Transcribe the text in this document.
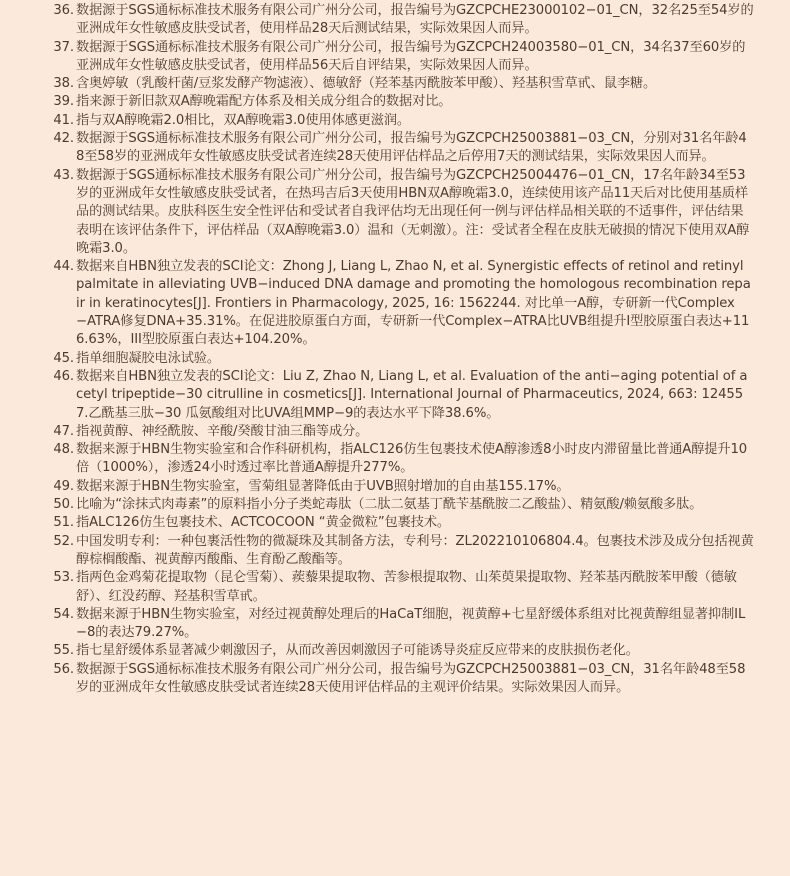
36 . 数据源于SGS通标标准技术服务有限公司广州分公司，报告编号为GZCPCHE23000102−01_CN，32名25至54岁的亚洲成年女性敏感皮肤受试者，使用样品28天后测试结果，实际效果因人而异。
37 . 数据源于SGS通标标准技术服务有限公司广州分公司，报告编号为GZCPCH24003580−01_CN，34名37至60岁的亚洲成年女性敏感皮肤受试者，使用样品56天后自评结果，实际效果因人而异。
38 . 含奥婷敏（乳酸杆菌/豆浆发酵产物滤液）、德敏舒（羟苯基丙酰胺苯甲酸）、羟基积雪草甙、鼠李糖。
39 . 指来源于新旧款双A醇晚霜配方体系及相关成分组合的数据对比。
41 . 指与双A醇晚霜2.0相比，双A醇晚霜3.0使用体感更滋润。
42 . 数据源于SGS通标标准技术服务有限公司广州分公司，报告编号为GZCPCH25003881−03_CN，分别对31名年龄48至58岁的亚洲成年女性敏感皮肤受试者连续28天使用评估样品之后停用7天的测试结果，实际效果因人而异。
43 . 数据源于SGS通标标准技术服务有限公司广州分公司，报告编号为GZCPCH25004476−01_CN，17名年龄34至53岁的亚洲成年女性敏感皮肤受试者，在热玛吉后3天使用HBN双A醇晚霜3.0，连续使用该产品11天后对比使用基质样品的测试结果。皮肤科医生安全性评估和受试者自我评估均无出现任何一例与评估样品相关联的不适事件，评估结果表明在该评估条件下，评估样品（双A醇晚霜3.0）温和（无刺激）。注：受试者全程在皮肤无破损的情况下使用双A醇晚霜3.0。
44 . 数据来自HBN独立发表的SCI论文：Zhong J, Liang L, Zhao N, et al. Synergistic effects of retinol and retinyl palmitate in alleviating UVB−induced DNA damage and promoting the homologous recombination repair in keratinocytes[J]. Frontiers in Pharmacology, 2025, 16: 1562244. 对比单一A醇，专研新一代Complex−ATRA修复DNA+35.31%。在促进胶原蛋白方面，专研新一代Complex−ATRA比UVB组提升I型胶原蛋白表达+116.63%，III型胶原蛋白表达+104.20%。
45 . 指单细胞凝胶电泳试验。
46 . 数据来自HBN独立发表的SCI论文：Liu Z, Zhao N, Liang L, et al. Evaluation of the anti−aging potential of acetyl tripeptide−30 citrulline in cosmetics[J]. International Journal of Pharmaceutics, 2024, 663: 124557.乙酰基三肽−30 瓜氨酸组对比UVA组MMP−9的表达水平下降38.6%。
47 . 指视黄醇、神经酰胺、辛酸/癸酸甘油三酯等成分。
48 . 数据来源于HBN生物实验室和合作科研机构，指ALC126仿生包裹技术使A醇渗透8小时皮内滞留量比普通A醇提升10倍（1000%），渗透24小时透过率比普通A醇提升277%。
49 . 数据来源于HBN生物实验室，雪菊组显著降低由于UVB照射增加的自由基155.17%。
50 . 比喻为“涂抹式肉毒素”的原料指小分子类蛇毒肽（二肽二氨基丁酰苄基酰胺二乙酸盐）、精氨酸/赖氨酸多肽。
51 . 指ALC126仿生包裹技术、ACTCOCOON “黄金微粒”包裹技术。
52 . 中国发明专利：一种包裹活性物的微凝珠及其制备方法，专利号：ZL202210106804.4。包裹技术涉及成分包括视黄醇棕榈酸酯、视黄醇丙酸酯、生育酚乙酸酯等。
53 . 指两色金鸡菊花提取物（昆仑雪菊）、蒺藜果提取物、苦参根提取物、山茱萸果提取物、羟苯基丙酰胺苯甲酸（德敏舒）、红没药醇、羟基积雪草甙。
54 . 数据来源于HBN生物实验室，对经过视黄醇处理后的HaCaT细胞，视黄醇+七星舒缓体系组对比视黄醇组显著抑制IL−8的表达79.27%。
55 . 指七星舒缓体系显著减少刺激因子，从而改善因刺激因子可能诱导炎症反应带来的皮肤损伤老化。
56 . 数据源于SGS通标标准技术服务有限公司广州分公司，报告编号为GZCPCH25003881−03_CN，31名年龄48至58岁的亚洲成年女性敏感皮肤受试者连续28天使用评估样品的主观评价结果。实际效果因人而异。
